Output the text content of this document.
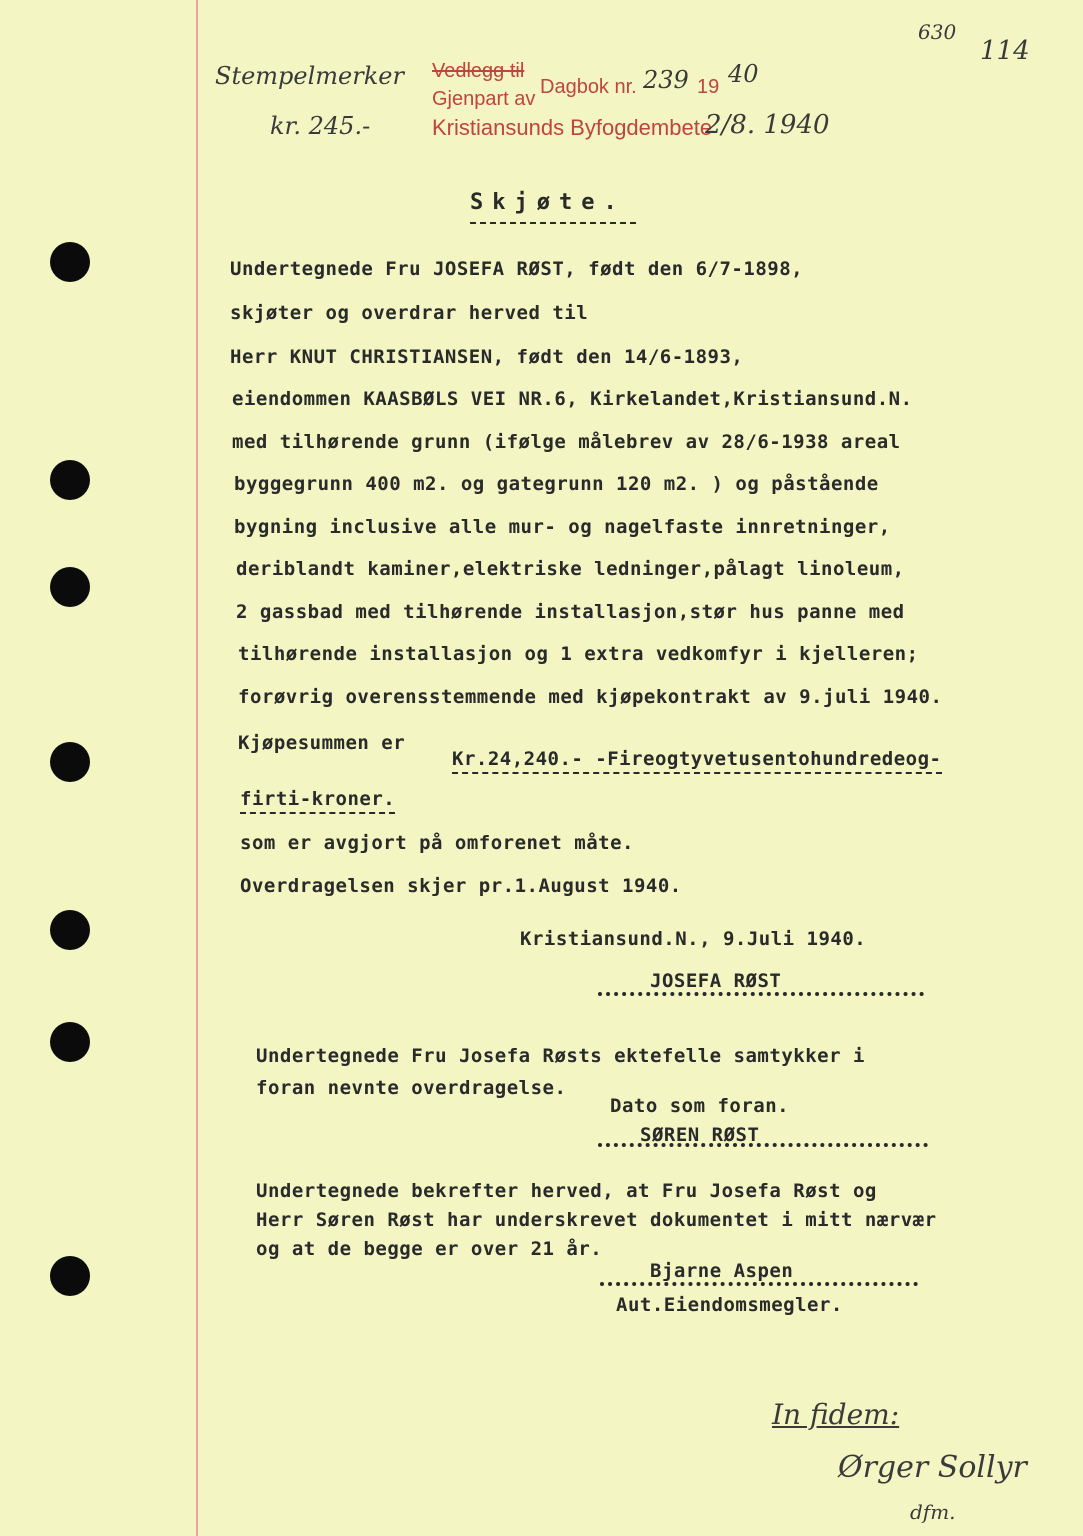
Stempelmerker
kr. 245.-
630
114
Vedlegg til
Dagbok nr. 239 19 40
Gjenpart av
Kristiansunds Byfogdembete
2/8. 1940
Skjøte.
Undertegnede Fru JOSEFA RØST, født den 6/7-1898,
skjøter og overdrar herved til
Herr KNUT CHRISTIANSEN, født den 14/6-1893,
eiendommen KAASBØLS VEI NR.6, Kirkelandet,Kristiansund.N.
med tilhørende grunn (ifølge målebrev av 28/6-1938 areal
byggegrunn 400 m2. og gategrunn 120 m2. ) og påstående
bygning inclusive alle mur- og nagelfaste innretninger,
deriblandt kaminer,elektriske ledninger,pålagt linoleum,
2 gassbad med tilhørende installasjon,stør hus panne med
tilhørende installasjon og 1 extra vedkomfyr i kjelleren;
forøvrig overensstemmende med kjøpekontrakt av 9.juli 1940.
Kjøpesummen er
Kr.24,240.- -Fireogtyvetusentohundredeog-
firti-kroner.
som er avgjort på omforenet måte.
Overdragelsen skjer pr.1.August 1940.
Kristiansund.N., 9.Juli 1940.
JOSEFA RØST
Undertegnede Fru Josefa Røsts ektefelle samtykker i
foran nevnte overdragelse.
Dato som foran.
SØREN RØST
Undertegnede bekrefter herved, at Fru Josefa Røst og
Herr Søren Røst har underskrevet dokumentet i mitt nærvær
og at de begge er over 21 år.
Bjarne Aspen
Aut.Eiendomsmegler.
In fidem:
Ørger Sollyr
dfm.
